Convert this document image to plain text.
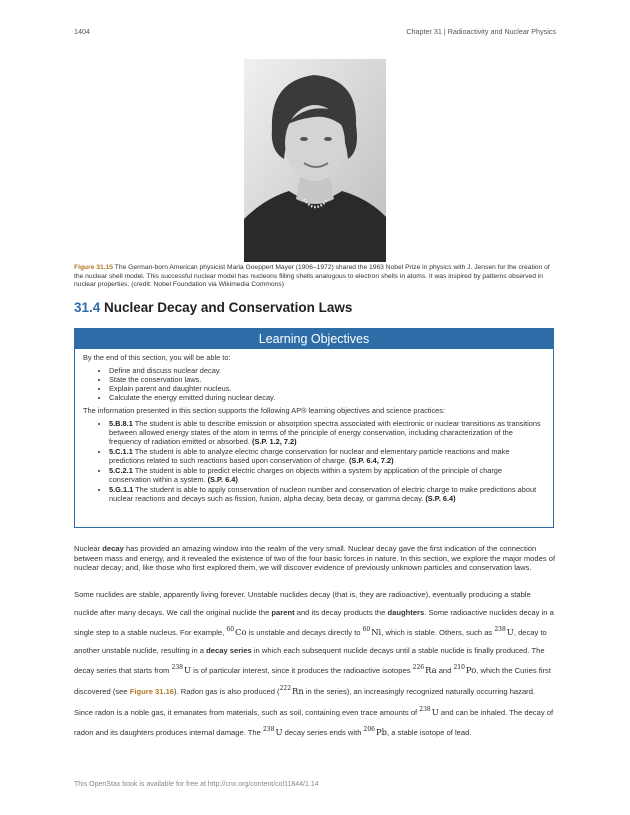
1404	Chapter 31 | Radioactivity and Nuclear Physics
Figure 31.15 The German-born American physicist Maria Goeppert Mayer (1906–1972) shared the 1963 Nobel Prize in physics with J. Jensen for the creation of the nuclear shell model. This successful nuclear model has nucleons filling shells analogous to electron shells in atoms. It was inspired by patterns observed in nuclear properties. (credit: Nobel Foundation via Wikimedia Commons)
31.4 Nuclear Decay and Conservation Laws
Learning Objectives

By the end of this section, you will be able to:

• Define and discuss nuclear decay.
• State the conservation laws.
• Explain parent and daughter nucleus.
• Calculate the energy emitted during nuclear decay.

The information presented in this section supports the following AP® learning objectives and science practices:

• 5.B.8.1 The student is able to describe emission or absorption spectra associated with electronic or nuclear transitions as transitions between allowed energy states of the atom in terms of the principle of energy conservation, including characterization of the frequency of radiation emitted or absorbed. (S.P. 1.2, 7.2)
• 5.C.1.1 The student is able to analyze electric charge conservation for nuclear and elementary particle reactions and make predictions related to such reactions based upon conservation of charge. (S.P. 6.4, 7.2)
• 5.C.2.1 The student is able to predict electric charges on objects within a system by application of the principle of charge conservation within a system. (S.P. 6.4)
• 5.G.1.1 The student is able to apply conservation of nucleon number and conservation of electric charge to make predictions about nuclear reactions and decays such as fission, fusion, alpha decay, beta decay, or gamma decay. (S.P. 6.4)
Nuclear decay has provided an amazing window into the realm of the very small. Nuclear decay gave the first indication of the connection between mass and energy, and it revealed the existence of two of the four basic forces in nature. In this section, we explore the major modes of nuclear decay; and, like those who first explored them, we will discover evidence of previously unknown particles and conservation laws.
Some nuclides are stable, apparently living forever. Unstable nuclides decay (that is, they are radioactive), eventually producing a stable nuclide after many decays. We call the original nuclide the parent and its decay products the daughters. Some radioactive nuclides decay in a single step to a stable nucleus. For example, $^{60}$Co is unstable and decays directly to $^{60}$Ni, which is stable. Others, such as $^{238}$U, decay to another unstable nuclide, resulting in a decay series in which each subsequent nuclide decays until a stable nuclide is finally produced. The decay series that starts from $^{238}$U is of particular interest, since it produces the radioactive isotopes $^{226}$Ra and $^{210}$Po, which the Curies first discovered (see Figure 31.16). Radon gas is also produced ($^{222}$Rn in the series), an increasingly recognized naturally occurring hazard. Since radon is a noble gas, it emanates from materials, such as soil, containing even trace amounts of $^{238}$U and can be inhaled. The decay of radon and its daughters produces internal damage. The $^{238}$U decay series ends with $^{206}$Pb, a stable isotope of lead.
This OpenStax book is available for free at http://cnx.org/content/col11844/1.14
